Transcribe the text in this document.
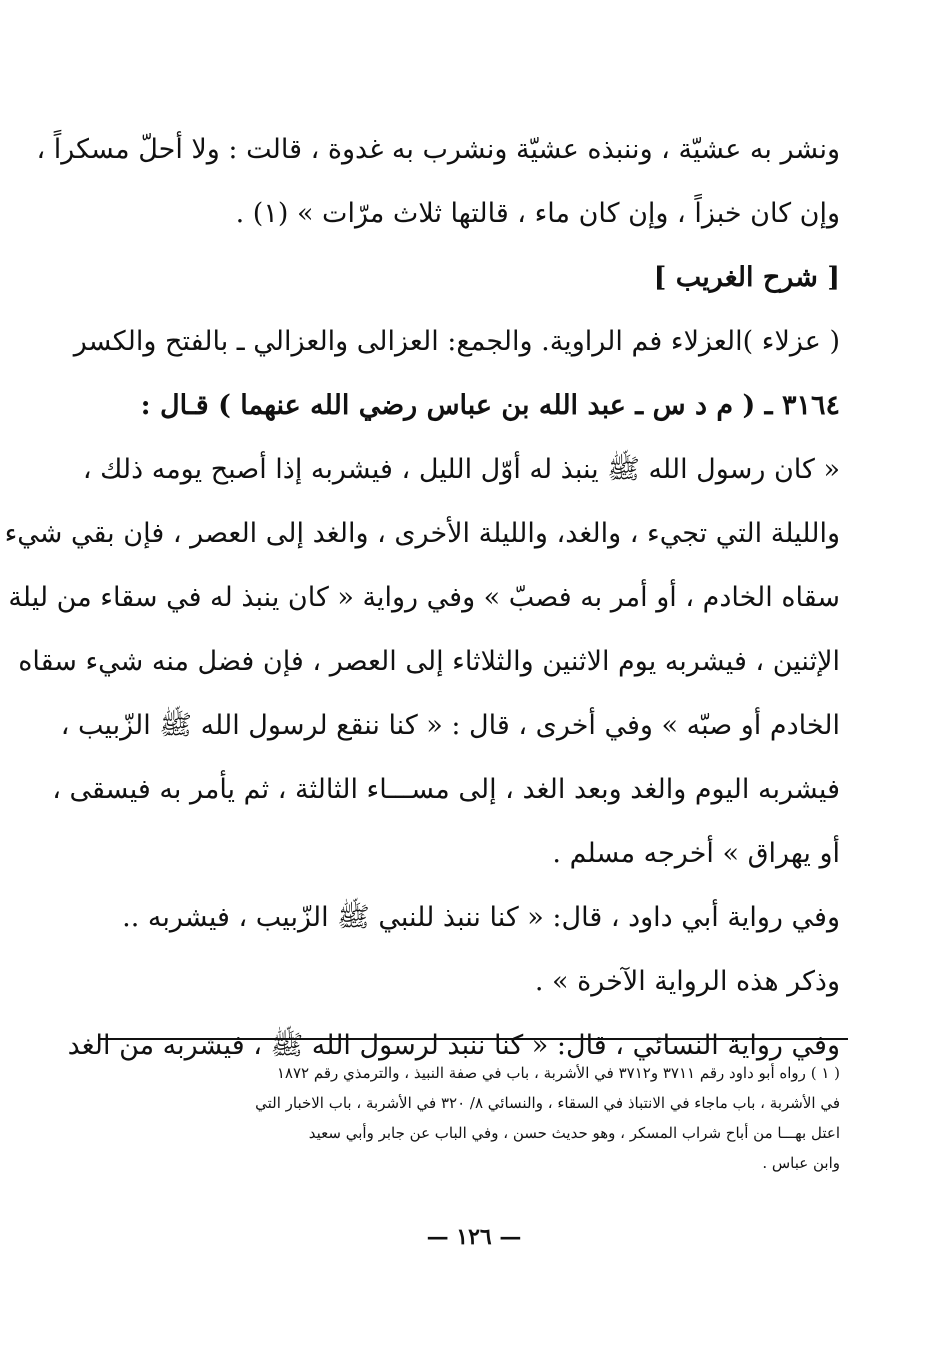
ونشر به عشيّة ، وننبذه عشيّة ونشرب به غدوة ، قالت : ولا أحلّ مسكراً ،
وإن كان خبزاً ، وإن كان ماء ، قالتها ثلاث مرّات » (١) .
[ شرح الغريب ]
( عزلاء )العزلاء فم الراوية. والجمع: العزالى والعزالي ـ بالفتح والكسر
٣١٦٤ ـ ( م د س ـ عبد الله بن عباس رضي الله عنهما ) قـال :
« كان رسول الله ﷺ ينبذ له أوّل الليل ، فيشربه إذا أصبح يومه ذلك ،
والليلة التي تجيء ، والغد، والليلة الأخرى ، والغد إلى العصر ، فإن بقي شيء
سقاه الخادم ، أو أمر به فصبّ » وفي رواية « كان ينبذ له في سقاء من ليلة
الإثنين ، فيشربه يوم الاثنين والثلاثاء إلى العصر ، فإن فضل منه شيء سقاه
الخادم أو صبّه » وفي أخرى ، قال : « كنا ننقع لرسول الله ﷺ الزّبيب ،
فيشربه اليوم والغد وبعد الغد ، إلى مســـاء الثالثة ، ثم يأمر به فيسقى ،
أو يهراق » أخرجه مسلم .
وفي رواية أبي داود ، قال: « كنا ننبذ للنبي ﷺ الزّبيب ، فيشربه ..
وذكر هذه الرواية الآخرة » .
وفي رواية النسائي ، قال: « كنا ننبذ لرسول الله ﷺ ، فيشربه من الغد
( ١ ) رواه أبو داود رقم ٣٧١١ و٣٧١٢ في الأشربة ، باب في صفة النبيذ ، والترمذي رقم ١٨٧٢
في الأشربة ، باب ماجاء في الانتباذ في السقاء ، والنسائي ٨/ ٣٢٠ في الأشربة ، باب الاخبار التي
اعتل بهـــا من أباح شراب المسكر ، وهو حديث حسن ، وفي الباب عن جابر وأبي سعيد
وابن عباس .
— ١٢٦ —
